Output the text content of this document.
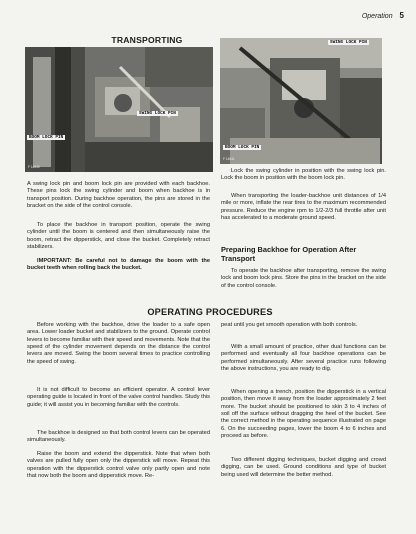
Operation 5
TRANSPORTING
SWING LOCK PIN
BOOM LOCK PIN
F 14640
SWING LOCK PIN
BOOM LOCK PIN
F 14641

A swing lock pin and boom lock pin are provided with each backhoe. These pins lock the swing cylinder and boom when backhoe is in transport position. During backhoe operation, the pins are stored in the bracket on the side of the control console.

To place the backhoe in transport position, operate the swing cylinder until the boom is centered and then simultaneously raise the boom, retract the dipperstick, and close the bucket. Completely retract stabilizers.

IMPORTANT: Be careful not to damage the boom with the bucket teeth when rolling back the bucket.

Lock the swing cylinder in position with the swing lock pin. Lock the boom in position with the boom lock pin.

When transporting the loader-backhoe unit distances of 1/4 mile or more, inflate the rear tires to the maximum recommended pressure. Reduce the engine rpm to 1/2-2/3 full throttle after unit has accelerated to a moderate ground speed.

Preparing Backhoe for Operation After Transport

To operate the backhoe after transporting, remove the swing lock and boom lock pins. Store the pins in the bracket on the side of the control console.

OPERATING PROCEDURES

Before working with the backhoe, drive the loader to a safe open area. Lower loader bucket and stabilizers to the ground. Operate control levers to become familiar with their speed and movements. Note that the speed of the cylinder movement depends on the distance the control levers are moved. Swing the boom several times to practice controlling the speed of swing.

It is not difficult to become an efficient operator. A control lever operating guide is located in front of the valve control handles. Study this guide; it will assist you in becoming familiar with the controls.

The backhoe is designed so that both control levers can be operated simultaneously.

Raise the boom and extend the dipperstick. Note that when both valves are pulled fully open only the dipperstick will move. Repeat this operation with the dipperstick control valve only partly open and note that now both the boom and dipperstick move. Re-

peat until you get smooth operation with both controls.

With a small amount of practice, other dual functions can be performed and eventually all four backhoe operations can be performed simultaneously. After several practice runs following the above instructions, you are ready to dig.

When opening a trench, position the dipperstick in a vertical position, then move it away from the loader approximately 2 feet more. The bucket should be positioned to skin 3 to 4 inches of soil off the surface without dragging the heel of the bucket. See the correct method in the operating sequence illustrated on page 6. On the succeeding pages, lower the boom 4 to 6 inches and proceed as before.

Two different digging techniques, bucket digging and crowd digging, can be used. Ground conditions and type of bucket being used will determine the better method.
